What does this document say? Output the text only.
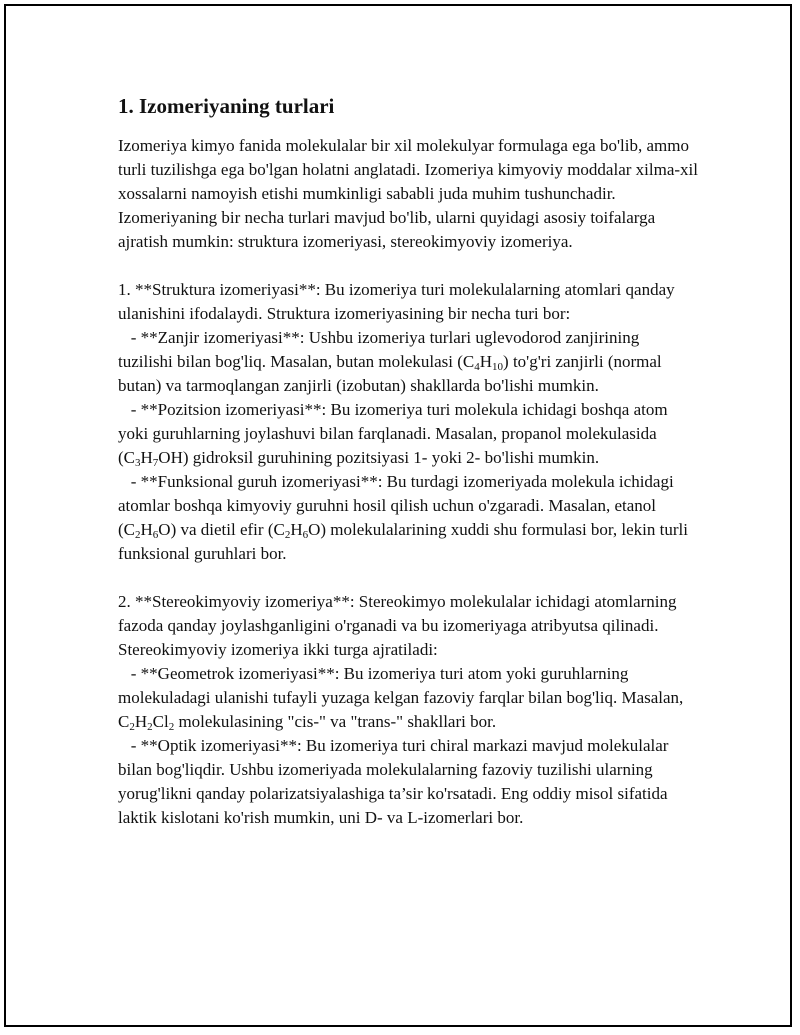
1. Izomeriyaning turlari

Izomeriya kimyo fanida molekulalar bir xil molekulyar formulaga ega bo'lib, ammo turli tuzilishga ega bo'lgan holatni anglatadi. Izomeriya kimyoviy moddalar xilma-xil xossalarni namoyish etishi mumkinligi sababli juda muhim tushunchadir. Izomeriyaning bir necha turlari mavjud bo'lib, ularni quyidagi asosiy toifalarga ajratish mumkin: struktura izomeriyasi, stereokimyoviy izomeriya.

1. **Struktura izomeriyasi**: Bu izomeriya turi molekulalarning atomlari qanday ulanishini ifodalaydi. Struktura izomeriyasining bir necha turi bor:
- **Zanjir izomeriyasi**: Ushbu izomeriya turlari uglevodorod zanjirining tuzilishi bilan bog'liq. Masalan, butan molekulasi $(C_4H_{10})$ to'g'ri zanjirli (normal butan) va tarmoqlangan zanjirli (izobutan) shakllarda bo'lishi mumkin.
- **Pozitsion izomeriyasi**: Bu izomeriya turi molekula ichidagi boshqa atom yoki guruhlarning joylashuvi bilan farqlanadi. Masalan, propanol molekulasida $(C_3H_7OH)$ gidroksil guruhining pozitsiyasi 1- yoki 2- bo'lishi mumkin.
- **Funksional guruh izomeriyasi**: Bu turdagi izomeriyada molekula ichidagi atomlar boshqa kimyoviy guruhni hosil qilish uchun o'zgaradi. Masalan, etanol $(C_2H_6O)$ va dietil efir $(C_2H_6O)$ molekulalarining xuddi shu formulasi bor, lekin turli funksional guruhlari bor.

2. **Stereokimyoviy izomeriya**: Stereokimyo molekulalar ichidagi atomlarning fazoda qanday joylashganligini o'rganadi va bu izomeriyaga atribyutsa qilinadi. Stereokimyoviy izomeriya ikki turga ajratiladi:
- **Geometrok izomeriyasi**: Bu izomeriya turi atom yoki guruhlarning molekuladagi ulanishi tufayli yuzaga kelgan fazoviy farqlar bilan bog'liq. Masalan, $C_2H_2Cl_2$ molekulasining "cis-" va "trans-" shakllari bor.
- **Optik izomeriyasi**: Bu izomeriya turi chiral markazi mavjud molekulalar bilan bog'liqdir. Ushbu izomeriyada molekulalarning fazoviy tuzilishi ularning yorug'likni qanday polarizatsiyalashiga ta’sir ko'rsatadi. Eng oddiy misol sifatida laktik kislotani ko'rish mumkin, uni D- va L-izomerlari bor.
